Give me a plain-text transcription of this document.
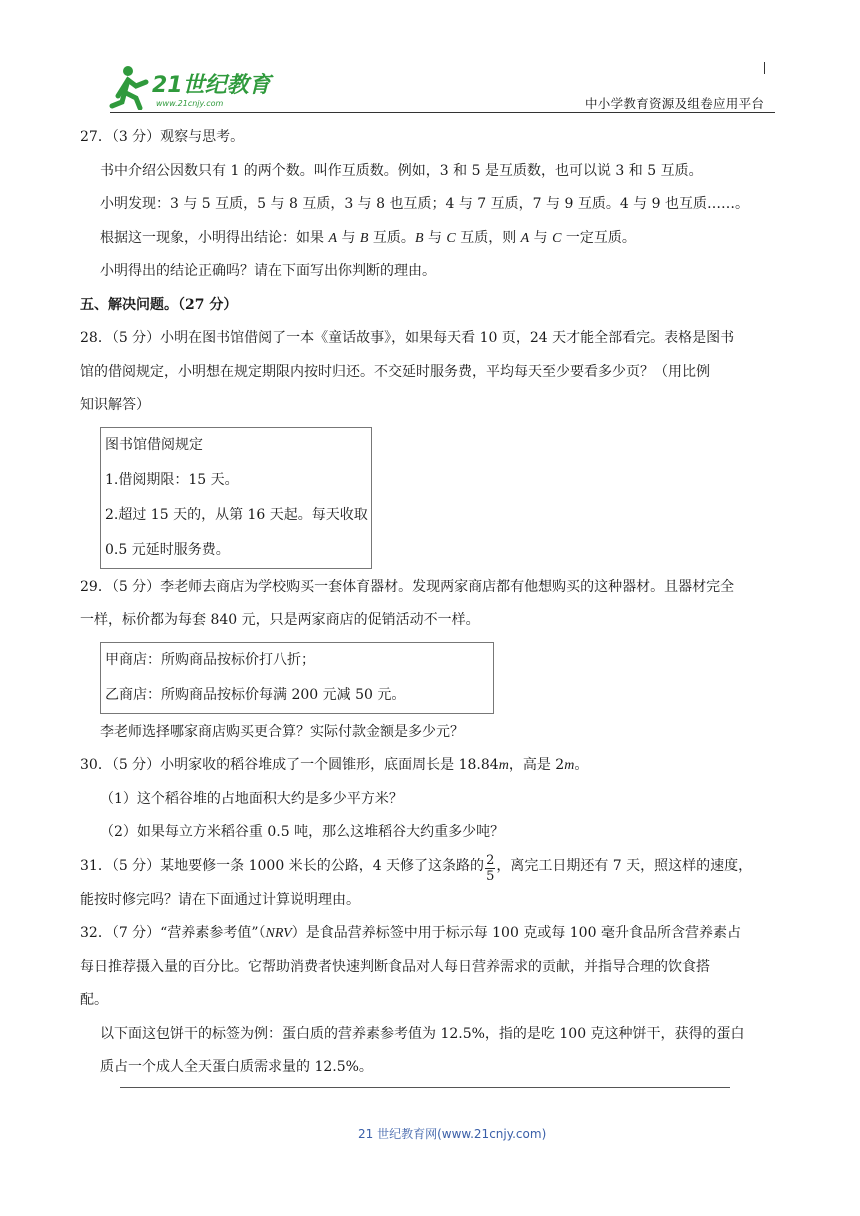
21世纪教育
www.21cnjy.com	中小学教育资源及组卷应用平台

27．（3 分）观察与思考。

书中介绍公因数只有 1 的两个数。叫作互质数。例如，3 和 5 是互质数，也可以说 3 和 5 互质。

小明发现：3 与 5 互质，5 与 8 互质，3 与 8 也互质；4 与 7 互质，7 与 9 互质。4 与 9 也互质……。

根据这一现象，小明得出结论：如果 A 与 B 互质。B 与 C 互质，则 A 与 C 一定互质。

小明得出的结论正确吗？请在下面写出你判断的理由。

五、解决问题。（27 分）

28．（5 分）小明在图书馆借阅了一本《童话故事》，如果每天看 10 页，24 天才能全部看完。表格是图书

馆的借阅规定，小明想在规定期限内按时归还。不交延时服务费，平均每天至少要看多少页？（用比例

知识解答）

图书馆借阅规定
1.借阅期限：15 天。
2.超过 15 天的，从第 16 天起。每天收取
0.5 元延时服务费。

29．（5 分）李老师去商店为学校购买一套体育器材。发现两家商店都有他想购买的这种器材。且器材完全

一样，标价都为每套 840 元，只是两家商店的促销活动不一样。

甲商店：所购商品按标价打八折；
乙商店：所购商品按标价每满 200 元减 50 元。

李老师选择哪家商店购买更合算？实际付款金额是多少元？

30．（5 分）小明家收的稻谷堆成了一个圆锥形，底面周长是 18.84m，高是 2m。

（1）这个稻谷堆的占地面积大约是多少平方米？

（2）如果每立方米稻谷重 0.5 吨，那么这堆稻谷大约重多少吨？

31．（5 分）某地要修一条 1000 米长的公路，4 天修了这条路的 $\frac{2}{5}$ ，离完工日期还有 7 天，照这样的速度，

能按时修完吗？请在下面通过计算说明理由。

32．（7 分）“营养素参考值”（NRV）是食品营养标签中用于标示每 100 克或每 100 毫升食品所含营养素占

每日推荐摄入量的百分比。它帮助消费者快速判断食品对人每日营养需求的贡献，并指导合理的饮食搭

配。

以下面这包饼干的标签为例：蛋白质的营养素参考值为 12.5%，指的是吃 100 克这种饼干，获得的蛋白

质占一个成人全天蛋白质需求量的 12.5%。

21 世纪教育网(www.21cnjy.com)
